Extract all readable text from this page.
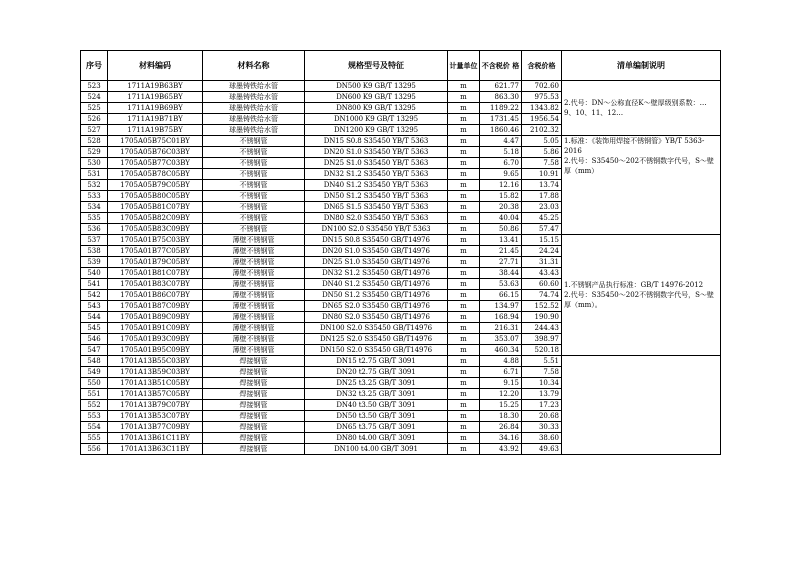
序号	材料编码	材料名称	规格型号及特征	计量单位	不含税价 格	含税价格	清单编制说明
523	1711A19B63BY	球墨铸铁给水管	DN500 K9 GB/T 13295	m	621.77	702.60	2.代号：DN～公称直径K～壁厚级别系数：…9、10、11、12…
524	1711A19B65BY	球墨铸铁给水管	DN600 K9 GB/T 13295	m	863.30	975.53	
525	1711A19B69BY	球墨铸铁给水管	DN800 K9 GB/T 13295	m	1189.22	1343.82	
526	1711A19B71BY	球墨铸铁给水管	DN1000 K9 GB/T 13295	m	1731.45	1956.54	
527	1711A19B75BY	球墨铸铁给水管	DN1200 K9 GB/T 13295	m	1860.46	2102.32	
528	1705A05B75C01BY	不锈钢管	DN15 S0.8 S35450 YB/T 5363	m	4.47	5.05	1.标准：《装饰用焊接不锈钢管》YB/T 5363-2016
2.代号：S35450～202不锈钢数字代号，S～壁厚（mm）
529	1705A05B76C03BY	不锈钢管	DN20 S1.0 S35450 YB/T 5363	m	5.18	5.86	
530	1705A05B77C03BY	不锈钢管	DN25 S1.0 S35450 YB/T 5363	m	6.70	7.58	
531	1705A05B78C05BY	不锈钢管	DN32 S1.2 S35450 YB/T 5363	m	9.65	10.91	
532	1705A05B79C05BY	不锈钢管	DN40 S1.2 S35450 YB/T 5363	m	12.16	13.74	
533	1705A05B80C05BY	不锈钢管	DN50 S1.2 S35450 YB/T 5363	m	15.82	17.88	
534	1705A05B81C07BY	不锈钢管	DN65 S1.5 S35450 YB/T 5363	m	20.38	23.03	
535	1705A05B82C09BY	不锈钢管	DN80 S2.0 S35450 YB/T 5363	m	40.04	45.25	
536	1705A05B83C09BY	不锈钢管	DN100 S2.0 S35450 YB/T 5363	m	50.86	57.47	
537	1705A01B75C03BY	薄壁不锈钢管	DN15 S0.8 S35450 GB/T14976	m	13.41	15.15	1.不锈钢产品执行标准：GB/T 14976-2012
2.代号：S35450～202不锈钢数字代号，S～壁厚（mm）。
538	1705A01B77C05BY	薄壁不锈钢管	DN20 S1.0 S35450 GB/T14976	m	21.45	24.24	
539	1705A01B79C05BY	薄壁不锈钢管	DN25 S1.0 S35450 GB/T14976	m	27.71	31.31	
540	1705A01B81C07BY	薄壁不锈钢管	DN32 S1.2 S35450 GB/T14976	m	38.44	43.43	
541	1705A01B83C07BY	薄壁不锈钢管	DN40 S1.2 S35450 GB/T14976	m	53.63	60.60	
542	1705A01B86C07BY	薄壁不锈钢管	DN50 S1.2 S35450 GB/T14976	m	66.15	74.74	
543	1705A01B87C09BY	薄壁不锈钢管	DN65 S2.0 S35450 GB/T14976	m	134.97	152.52	
544	1705A01B89C09BY	薄壁不锈钢管	DN80 S2.0 S35450 GB/T14976	m	168.94	190.90	
545	1705A01B91C09BY	薄壁不锈钢管	DN100 S2.0 S35450 GB/T14976	m	216.31	244.43	
546	1705A01B93C09BY	薄壁不锈钢管	DN125 S2.0 S35450 GB/T14976	m	353.07	398.97	
547	1705A01B95C09BY	薄壁不锈钢管	DN150 S2.0 S35450 GB/T14976	m	460.34	520.18	
548	1701A13B55C03BY	焊接钢管	DN15 t2.75 GB/T 3091	m	4.88	5.51	
549	1701A13B59C03BY	焊接钢管	DN20 t2.75 GB/T 3091	m	6.71	7.58	
550	1701A13B51C05BY	焊接钢管	DN25 t3.25 GB/T 3091	m	9.15	10.34	
551	1701A13B57C05BY	焊接钢管	DN32 t3.25 GB/T 3091	m	12.20	13.79	
552	1701A13B79C07BY	焊接钢管	DN40 t3.50 GB/T 3091	m	15.25	17.23	
553	1701A13B53C07BY	焊接钢管	DN50 t3.50 GB/T 3091	m	18.30	20.68	
554	1701A13B77C09BY	焊接钢管	DN65 t3.75 GB/T 3091	m	26.84	30.33	
555	1701A13B61C11BY	焊接钢管	DN80 t4.00 GB/T 3091	m	34.16	38.60	
556	1701A13B63C11BY	焊接钢管	DN100 t4.00 GB/T 3091	m	43.92	49.63	
